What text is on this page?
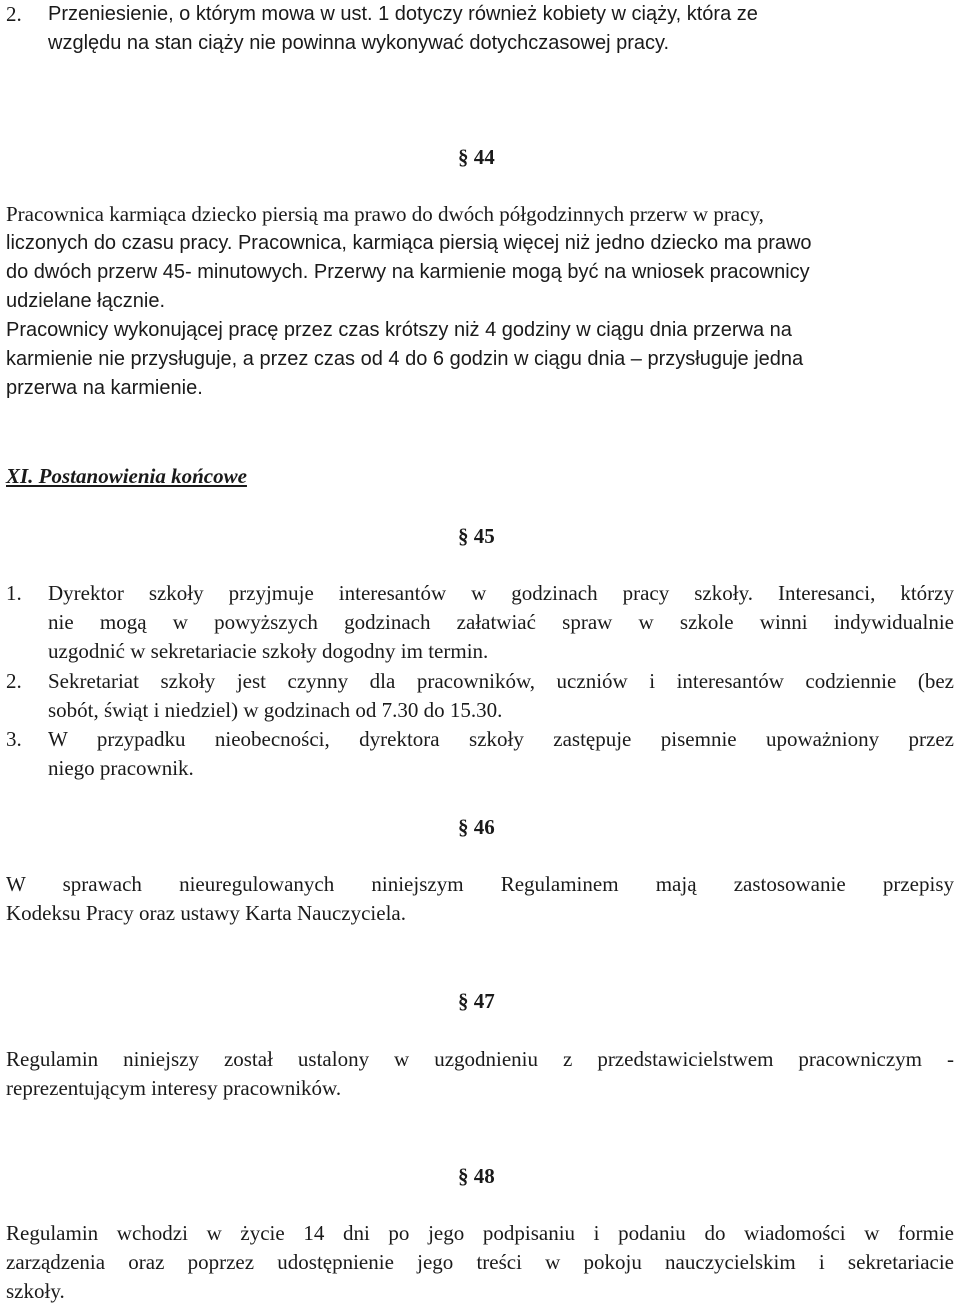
2. Przeniesienie, o którym mowa w ust. 1 dotyczy również kobiety w ciąży, która ze
względu na stan ciąży nie powinna wykonywać dotychczasowej pracy.
§ 44
Pracownica karmiąca dziecko piersią ma prawo do dwóch półgodzinnych przerw w pracy,
liczonych do czasu pracy. Pracownica, karmiąca piersią więcej niż jedno dziecko ma prawo
do dwóch przerw 45- minutowych. Przerwy na karmienie mogą być na wniosek pracownicy
udzielane łącznie.
Pracownicy wykonującej pracę przez czas krótszy niż 4 godziny w ciągu dnia przerwa na
karmienie nie przysługuje, a przez czas od 4 do 6 godzin w ciągu dnia – przysługuje jedna
przerwa na karmienie.
XI. Postanowienia końcowe
§ 45
1. Dyrektor szkoły przyjmuje interesantów w godzinach pracy szkoły. Interesanci, którzy
nie mogą w powyższych godzinach załatwiać spraw w szkole winni indywidualnie
uzgodnić w sekretariacie szkoły dogodny im termin.
2. Sekretariat szkoły jest czynny dla pracowników, uczniów i interesantów codziennie (bez
sobót, świąt i niedziel) w godzinach od 7.30 do 15.30.
3. W przypadku nieobecności, dyrektora szkoły zastępuje pisemnie upoważniony przez
niego pracownik.
§ 46
W sprawach nieuregulowanych niniejszym Regulaminem mają zastosowanie przepisy
Kodeksu Pracy oraz ustawy Karta Nauczyciela.
§ 47
Regulamin niniejszy został ustalony w uzgodnieniu z przedstawicielstwem pracowniczym -
reprezentującym interesy pracowników.
§ 48
Regulamin wchodzi w życie 14 dni po jego podpisaniu i podaniu do wiadomości w formie
zarządzenia oraz poprzez udostępnienie jego treści w pokoju nauczycielskim i sekretariacie
szkoły.
